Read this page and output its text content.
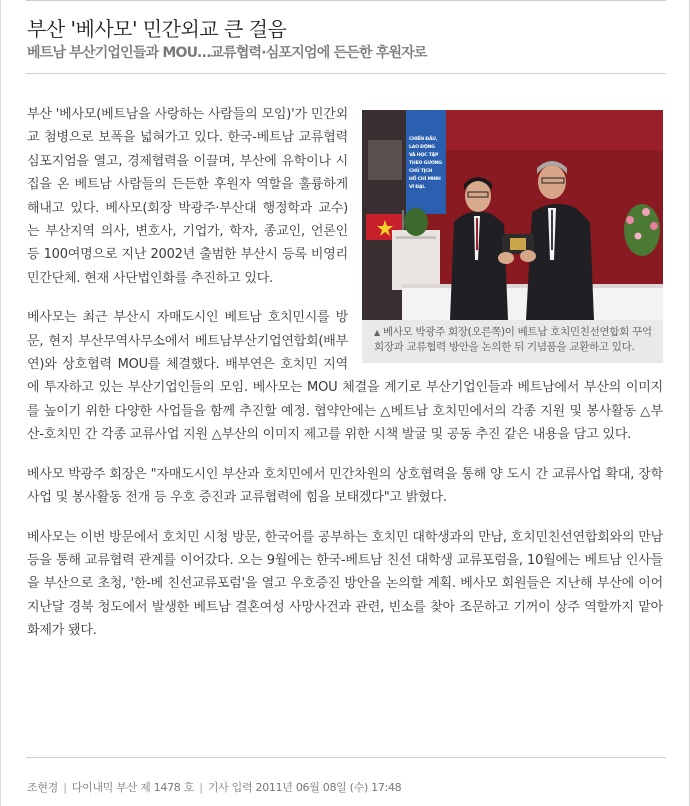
부산 '베사모' 민간외교 큰 걸음
베트남 부산기업인들과 MOU…교류협력·심포지엄에 든든한 후원자로
CHIẾN ĐẤU,
LAO ĐỘNG
VÀ HỌC TẬP
THEO GƯƠNG
CHỦ TỊCH
HỒ CHÍ MINH
VĨ ĐẠI.
▲ 베사모 박광주 회장(오른쪽)이 베트남 호치민친선연합회 꾸억 회장과 교류협력 방안을 논의한 뒤 기념품을 교환하고 있다.

부산 '베사모(베트남을 사랑하는 사람들의 모임)'가 민간외교 첨병으로 보폭을 넓혀가고 있다. 한국-베트남 교류협력 심포지엄을 열고, 경제협력을 이끌며, 부산에 유학이나 시집을 온 베트남 사람들의 든든한 후원자 역할을 훌륭하게 해내고 있다. 베사모(회장 박광주·부산대 행정학과 교수)는 부산지역 의사, 변호사, 기업가, 학자, 종교인, 언론인 등 100여명으로 지난 2002년 출범한 부산시 등록 비영리 민간단체. 현재 사단법인화를 추진하고 있다.

베사모는 최근 부산시 자매도시인 베트남 호치민시를 방문, 현지 부산무역사무소에서 베트남부산기업연합회(배부연)와 상호협력 MOU를 체결했다. 배부연은 호치민 지역에 투자하고 있는 부산기업인들의 모임. 베사모는 MOU 체결을 계기로 부산기업인들과 베트남에서 부산의 이미지를 높이기 위한 다양한 사업들을 함께 추진할 예정. 협약안에는 △베트남 호치민에서의 각종 지원 및 봉사활동 △부산-호치민 간 각종 교류사업 지원 △부산의 이미지 제고를 위한 시책 발굴 및 공동 추진 같은 내용을 담고 있다.

베사모 박광주 회장은 "자매도시인 부산과 호치민에서 민간차원의 상호협력을 통해 양 도시 간 교류사업 확대, 장학사업 및 봉사활동 전개 등 우호 증진과 교류협력에 힘을 보태겠다"고 밝혔다.

베사모는 이번 방문에서 호치민 시청 방문, 한국어를 공부하는 호치민 대학생과의 만남, 호치민친선연합회와의 만남 등을 통해 교류협력 관계를 이어갔다. 오는 9월에는 한국-베트남 친선 대학생 교류포럼을, 10월에는 베트남 인사들을 부산으로 초청, '한-베 친선교류포럼'을 열고 우호증진 방안을 논의할 계획. 베사모 회원들은 지난해 부산에 이어 지난달 경북 청도에서 발생한 베트남 결혼여성 사망사건과 관련, 빈소를 찾아 조문하고 기꺼이 상주 역할까지 맡아 화제가 됐다.

조현경 | 다이내믹 부산 제 1478 호 | 기사 입력 2011년 06월 08일 (수) 17:48
